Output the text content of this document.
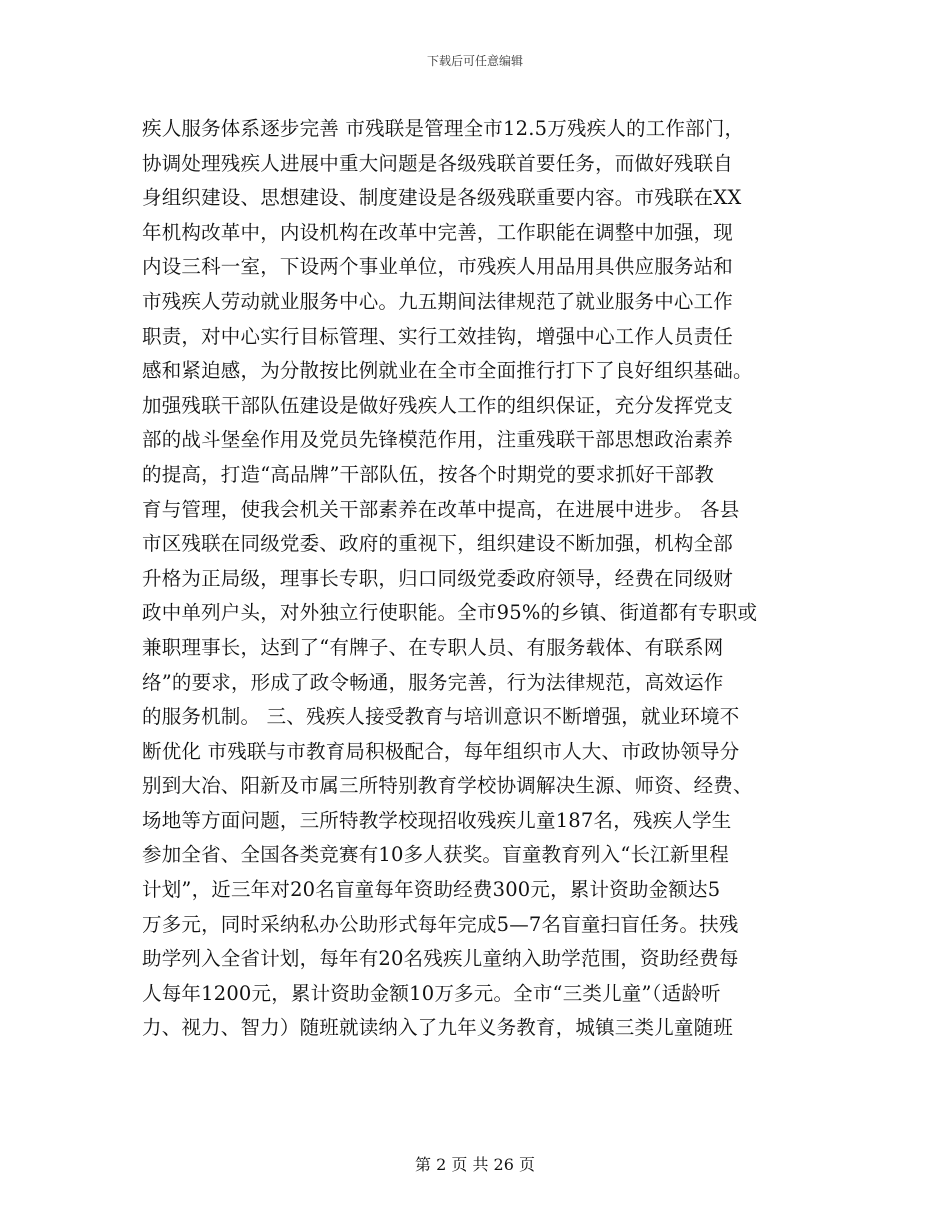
下载后可任意编辑
疾人服务体系逐步完善 市残联是管理全市12.5万残疾人的工作部门，
协调处理残疾人进展中重大问题是各级残联首要任务，而做好残联自
身组织建设、思想建设、制度建设是各级残联重要内容。市残联在XX
年机构改革中，内设机构在改革中完善，工作职能在调整中加强，现
内设三科一室，下设两个事业单位，市残疾人用品用具供应服务站和
市残疾人劳动就业服务中心。九五期间法律规范了就业服务中心工作
职责，对中心实行目标管理、实行工效挂钩，增强中心工作人员责任
感和紧迫感，为分散按比例就业在全市全面推行打下了良好组织基础。
加强残联干部队伍建设是做好残疾人工作的组织保证，充分发挥党支
部的战斗堡垒作用及党员先锋模范作用，注重残联干部思想政治素养
的提高，打造“高品牌”干部队伍，按各个时期党的要求抓好干部教
育与管理，使我会机关干部素养在改革中提高，在进展中进步。 各县
市区残联在同级党委、政府的重视下，组织建设不断加强，机构全部
升格为正局级，理事长专职，归口同级党委政府领导，经费在同级财
政中单列户头，对外独立行使职能。全市95%的乡镇、街道都有专职或
兼职理事长，达到了“有牌子、在专职人员、有服务载体、有联系网
络”的要求，形成了政令畅通，服务完善，行为法律规范，高效运作
的服务机制。 三、残疾人接受教育与培训意识不断增强，就业环境不
断优化 市残联与市教育局积极配合，每年组织市人大、市政协领导分
别到大冶、阳新及市属三所特别教育学校协调解决生源、师资、经费、
场地等方面问题，三所特教学校现招收残疾儿童187名，残疾人学生
参加全省、全国各类竞赛有10多人获奖。盲童教育列入“长江新里程
计划”，近三年对20名盲童每年资助经费300元，累计资助金额达5
万多元，同时采纳私办公助形式每年完成5—7名盲童扫盲任务。扶残
助学列入全省计划，每年有20名残疾儿童纳入助学范围，资助经费每
人每年1200元，累计资助金额10万多元。全市“三类儿童”（适龄听
力、视力、智力）随班就读纳入了九年义务教育，城镇三类儿童随班
第 2 页 共 26 页
